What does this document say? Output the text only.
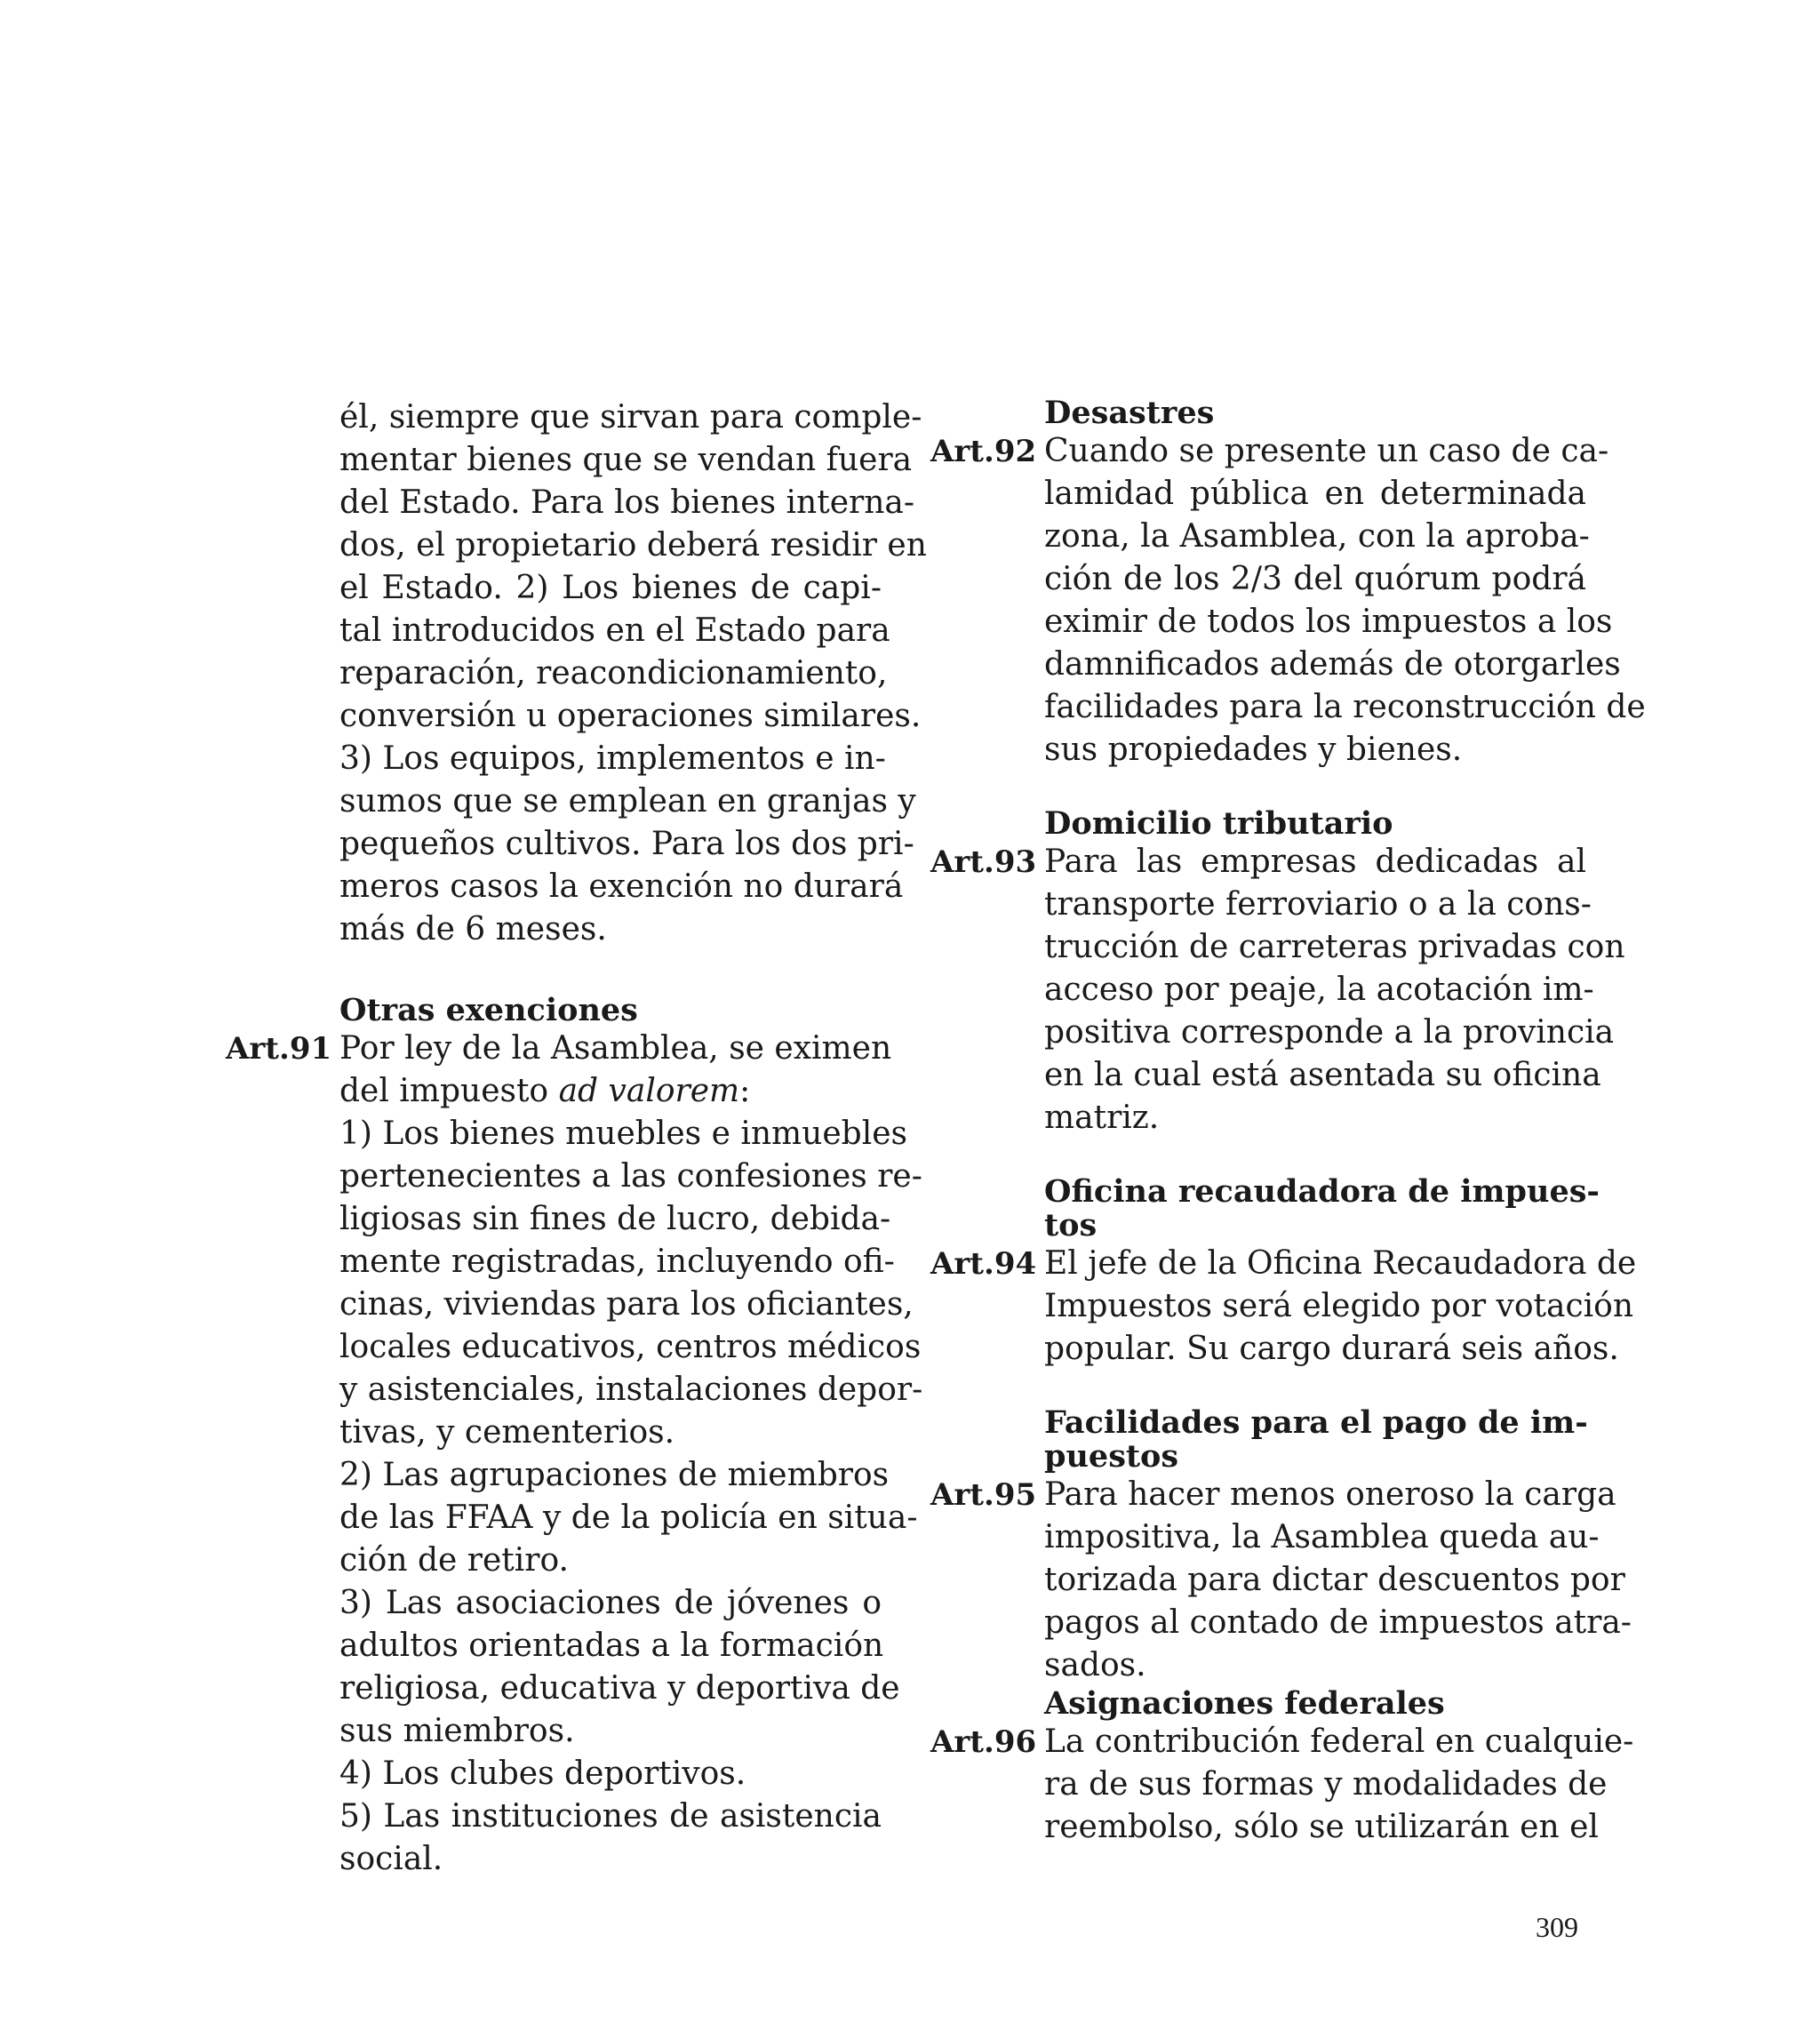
él, siempre que sirvan para comple-
mentar bienes que se vendan fuera
del Estado. Para los bienes interna-
dos, el propietario deberá residir en
el Estado. 2) Los bienes de capi-
tal introducidos en el Estado para
reparación, reacondicionamiento,
conversión u operaciones similares.
3) Los equipos, implementos e in-
sumos que se emplean en granjas y
pequeños cultivos. Para los dos pri-
meros casos la exención no durará
más de 6 meses.

Otras exenciones
Art.91 Por ley de la Asamblea, se eximen
del impuesto ad valorem:

1) Los bienes muebles e inmuebles
pertenecientes a las confesiones re-
ligiosas sin fines de lucro, debida-
mente registradas, incluyendo ofi-
cinas, viviendas para los oficiantes,
locales educativos, centros médicos
y asistenciales, instalaciones depor-
tivas, y cementerios.

2) Las agrupaciones de miembros
de las FFAA y de la policía en situa-
ción de retiro.

3) Las asociaciones de jóvenes o
adultos orientadas a la formación
religiosa, educativa y deportiva de
sus miembros.

4) Los clubes deportivos.

5) Las instituciones de asistencia
social.

Desastres
Art.92 Cuando se presente un caso de ca-
lamidad pública en determinada
zona, la Asamblea, con la aproba-
ción de los 2/3 del quórum podrá
eximir de todos los impuestos a los
damnificados además de otorgarles
facilidades para la reconstrucción de
sus propiedades y bienes.

Domicilio tributario
Art.93 Para las empresas dedicadas al
transporte ferroviario o a la cons-
trucción de carreteras privadas con
acceso por peaje, la acotación im-
positiva corresponde a la provincia
en la cual está asentada su oficina
matriz.

Oficina recaudadora de impues-
tos
Art.94 El jefe de la Oficina Recaudadora de
Impuestos será elegido por votación
popular. Su cargo durará seis años.

Facilidades para el pago de im-
puestos
Art.95 Para hacer menos oneroso la carga
impositiva, la Asamblea queda au-
torizada para dictar descuentos por
pagos al contado de impuestos atra-
sados.

Asignaciones federales
Art.96 La contribución federal en cualquie-
ra de sus formas y modalidades de
reembolso, sólo se utilizarán en el

309
